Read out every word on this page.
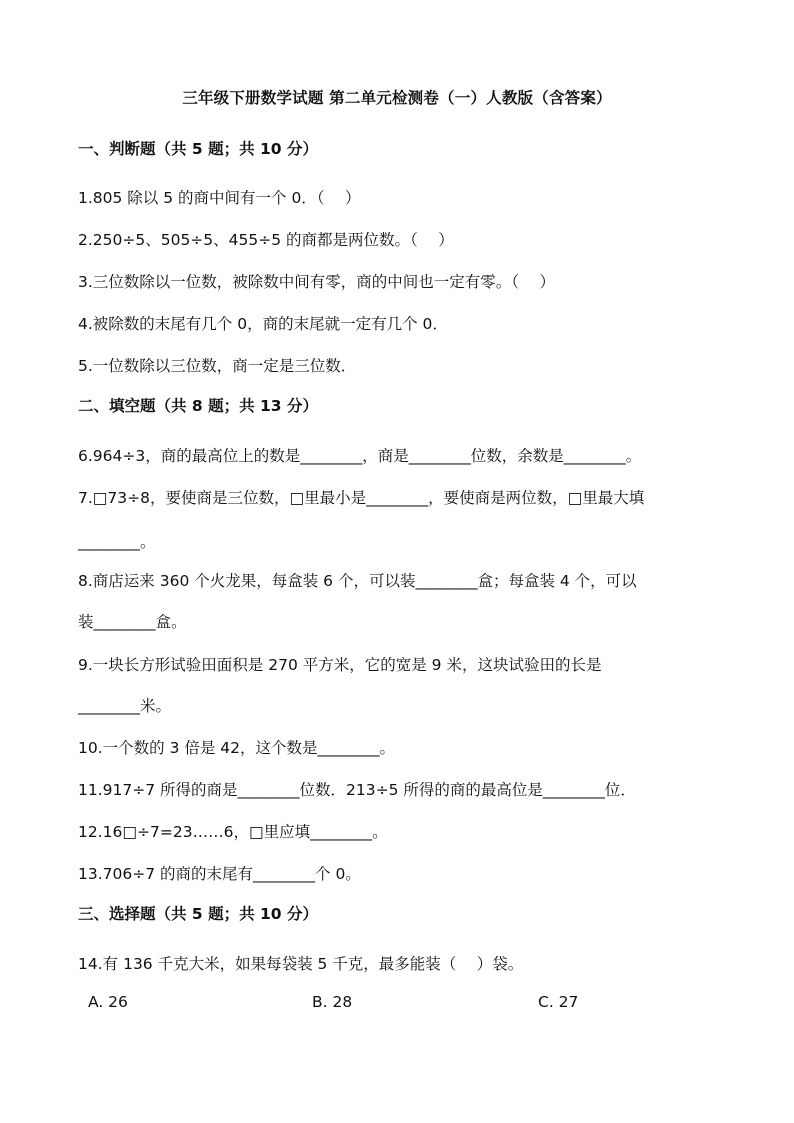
三年级下册数学试题 第二单元检测卷（一）人教版（含答案）
一、判断题（共 5 题；共 10 分）
1.805 除以 5 的商中间有一个 0．（　 ）
2.250÷5、505÷5、455÷5 的商都是两位数。（　 ）
3.三位数除以一位数，被除数中间有零，商的中间也一定有零。（　 ）
4.被除数的末尾有几个 0，商的末尾就一定有几个 0．
5.一位数除以三位数，商一定是三位数．
二、填空题（共 8 题；共 13 分）
6.964÷3，商的最高位上的数是________，商是________位数，余数是________。
7.□73÷8，要使商是三位数，□里最小是________，要使商是两位数，□里最大填
________。
8.商店运来 360 个火龙果，每盒装 6 个，可以装________盒；每盒装 4 个，可以
装________盒。
9.一块长方形试验田面积是 270 平方米，它的宽是 9 米，这块试验田的长是
________米。
10.一个数的 3 倍是 42，这个数是________。
11.917÷7 所得的商是________位数．213÷5 所得的商的最高位是________位．
12.16□÷7=23……6，□里应填________。
13.706÷7 的商的末尾有________个 0。
三、选择题（共 5 题；共 10 分）
14.有 136 千克大米，如果每袋装 5 千克，最多能装（　 ）袋。
A. 26	B. 28	C. 27
